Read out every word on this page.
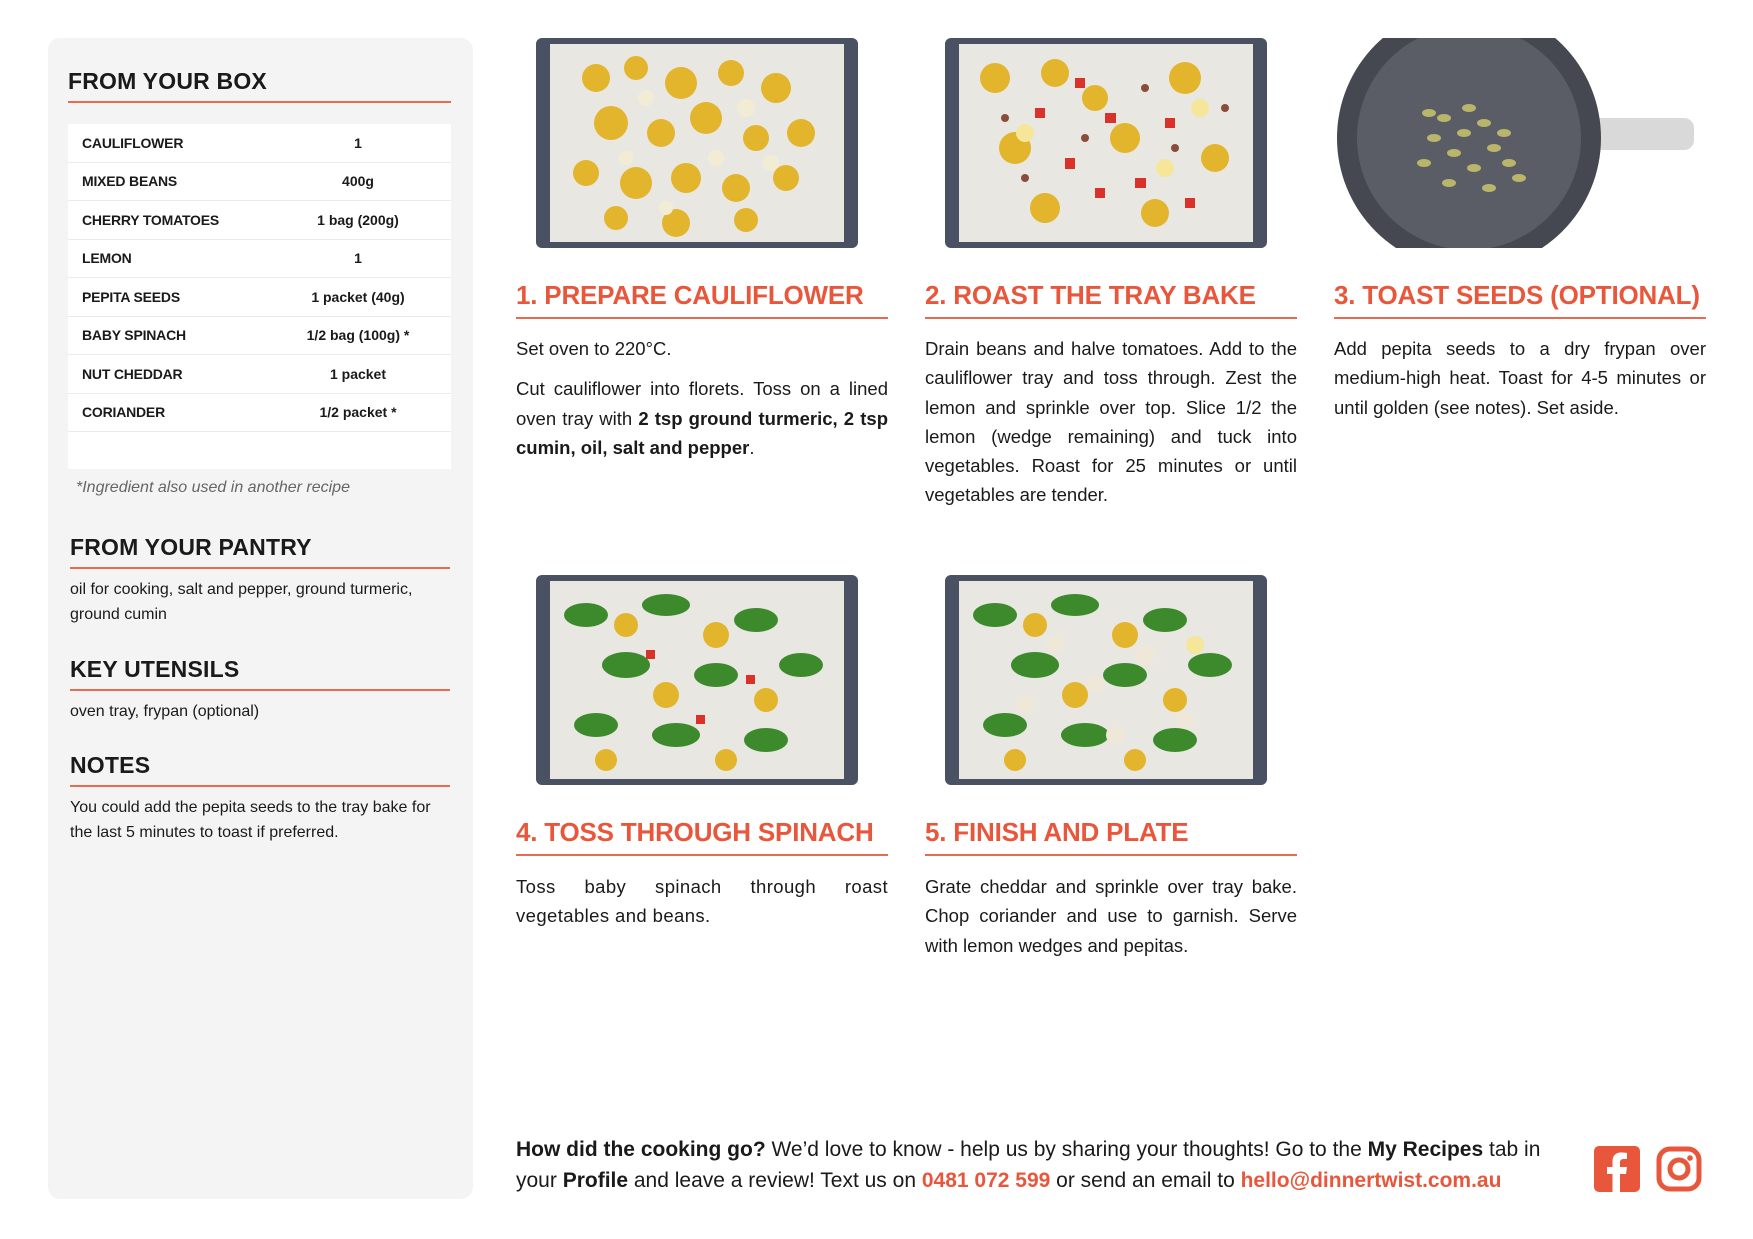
FROM YOUR BOX
CAULIFLOWER	1
MIXED BEANS	400g
CHERRY TOMATOES	1 bag (200g)
LEMON	1
PEPITA SEEDS	1 packet (40g)
BABY SPINACH	1/2 bag (100g) *
NUT CHEDDAR	1 packet
CORIANDER	1/2 packet *
*Ingredient also used in another recipe
FROM YOUR PANTRY
oil for cooking, salt and pepper, ground turmeric, ground cumin
KEY UTENSILS
oven tray, frypan (optional)
NOTES
You could add the pepita seeds to the tray bake for the last 5 minutes to toast if preferred.
1. PREPARE CAULIFLOWER

Set oven to 220°C.

Cut cauliflower into florets. Toss on a lined oven tray with 2 tsp ground turmeric, 2 tsp cumin, oil, salt and pepper.

2. ROAST THE TRAY BAKE
Drain beans and halve tomatoes. Add to the cauliflower tray and toss through. Zest the lemon and sprinkle over top. Slice 1/2 the lemon (wedge remaining) and tuck into vegetables. Roast for 25 minutes or until vegetables are tender.
3. TOAST SEEDS (OPTIONAL)
Add pepita seeds to a dry frypan over medium-high heat. Toast for 4-5 minutes or until golden (see notes). Set aside.
4. TOSS THROUGH SPINACH
Toss baby spinach through roast vegetables and beans.
5. FINISH AND PLATE
Grate cheddar and sprinkle over tray bake. Chop coriander and use to garnish. Serve with lemon wedges and pepitas.
How did the cooking go? We’d love to know - help us by sharing your thoughts! Go to the My Recipes tab in your Profile and leave a review! Text us on 0481 072 599 or send an email to hello@dinnertwist.com.au
